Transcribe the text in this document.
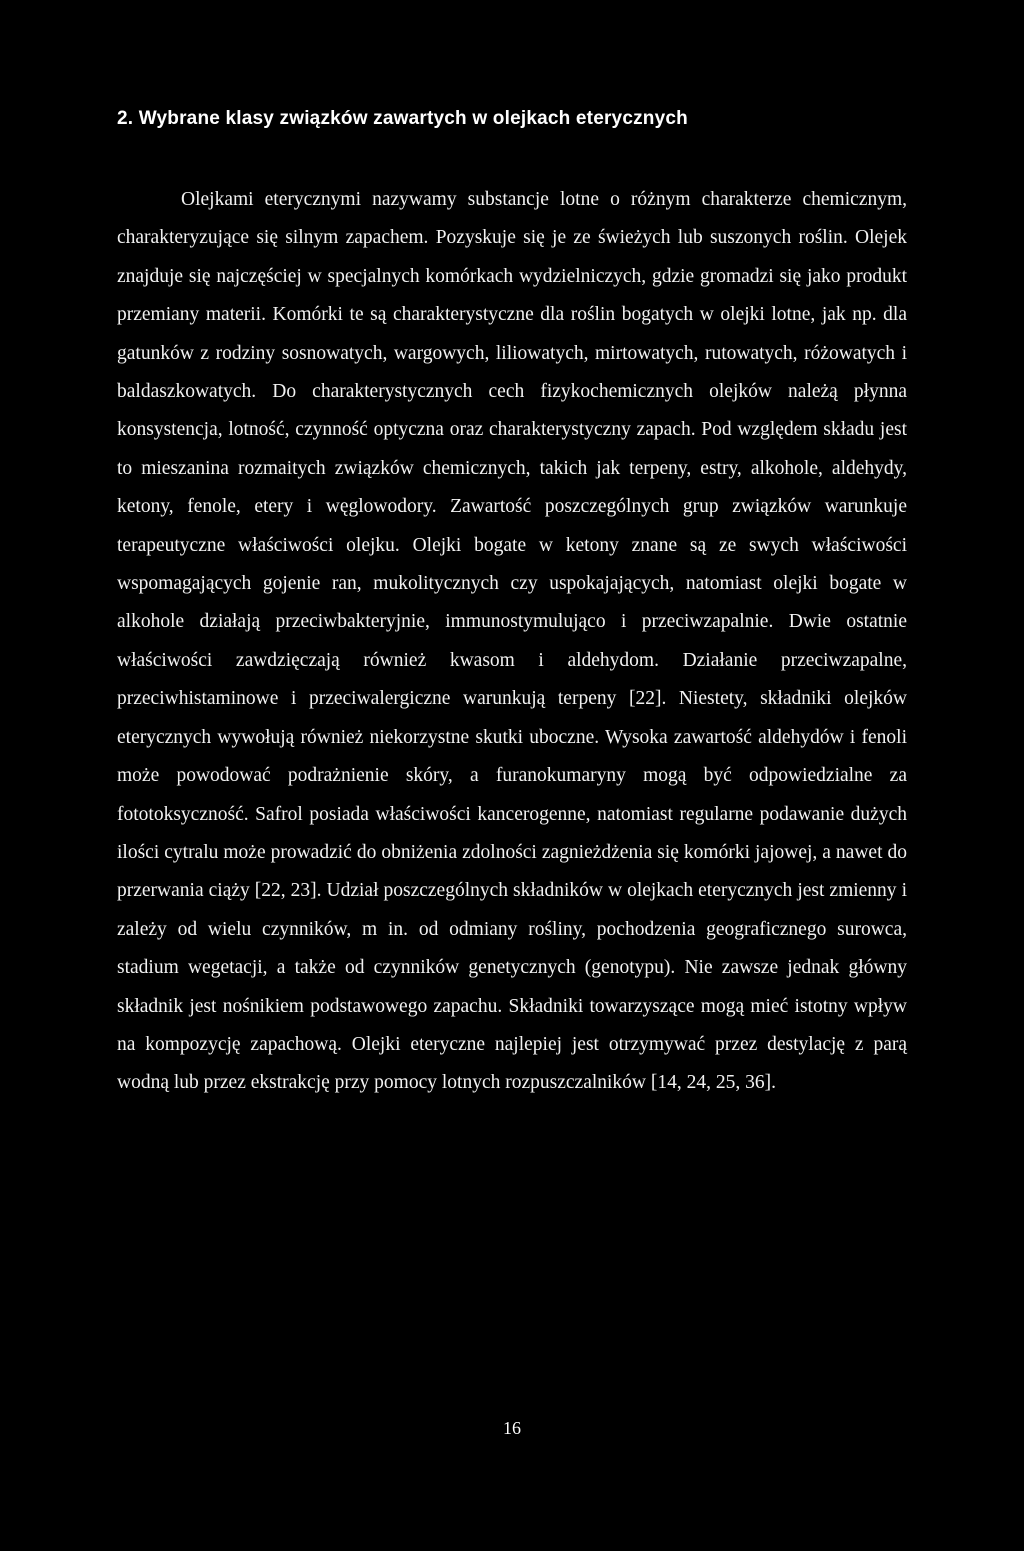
2. Wybrane klasy związków zawartych w olejkach eterycznych

Olejkami eterycznymi nazywamy substancje lotne o różnym charakterze chemicznym, charakteryzujące się silnym zapachem. Pozyskuje się je ze świeżych lub suszonych roślin. Olejek znajduje się najczęściej w specjalnych komórkach wydzielniczych, gdzie gromadzi się jako produkt przemiany materii. Komórki te są charakterystyczne dla roślin bogatych w olejki lotne, jak np. dla gatunków z rodziny sosnowatych, wargowych, liliowatych, mirtowatych, rutowatych, różowatych i baldaszkowatych. Do charakterystycznych cech fizykochemicznych olejków należą płynna konsystencja, lotność, czynność optyczna oraz charakterystyczny zapach. Pod względem składu jest to mieszanina rozmaitych związków chemicznych, takich jak terpeny, estry, alkohole, aldehydy, ketony, fenole, etery i węglowodory. Zawartość poszczególnych grup związków warunkuje terapeutyczne właściwości olejku. Olejki bogate w ketony znane są ze swych właściwości wspomagających gojenie ran, mukolitycznych czy uspokajających, natomiast olejki bogate w alkohole działają przeciwbakteryjnie, immunostymulująco i przeciwzapalnie. Dwie ostatnie właściwości zawdzięczają również kwasom i aldehydom. Działanie przeciwzapalne, przeciwhistaminowe i przeciwalergiczne warunkują terpeny [22]. Niestety, składniki olejków eterycznych wywołują również niekorzystne skutki uboczne. Wysoka zawartość aldehydów i fenoli może powodować podrażnienie skóry, a furanokumaryny mogą być odpowiedzialne za fototoksyczność. Safrol posiada właściwości kancerogenne, natomiast regularne podawanie dużych ilości cytralu może prowadzić do obniżenia zdolności zagnieżdżenia się komórki jajowej, a nawet do przerwania ciąży [22, 23]. Udział poszczególnych składników w olejkach eterycznych jest zmienny i zależy od wielu czynników, m in. od odmiany rośliny, pochodzenia geograficznego surowca, stadium wegetacji, a także od czynników genetycznych (genotypu). Nie zawsze jednak główny składnik jest nośnikiem podstawowego zapachu. Składniki towarzyszące mogą mieć istotny wpływ na kompozycję zapachową. Olejki eteryczne najlepiej jest otrzymywać przez destylację z parą wodną lub przez ekstrakcję przy pomocy lotnych rozpuszczalników [14, 24, 25, 36].

16
